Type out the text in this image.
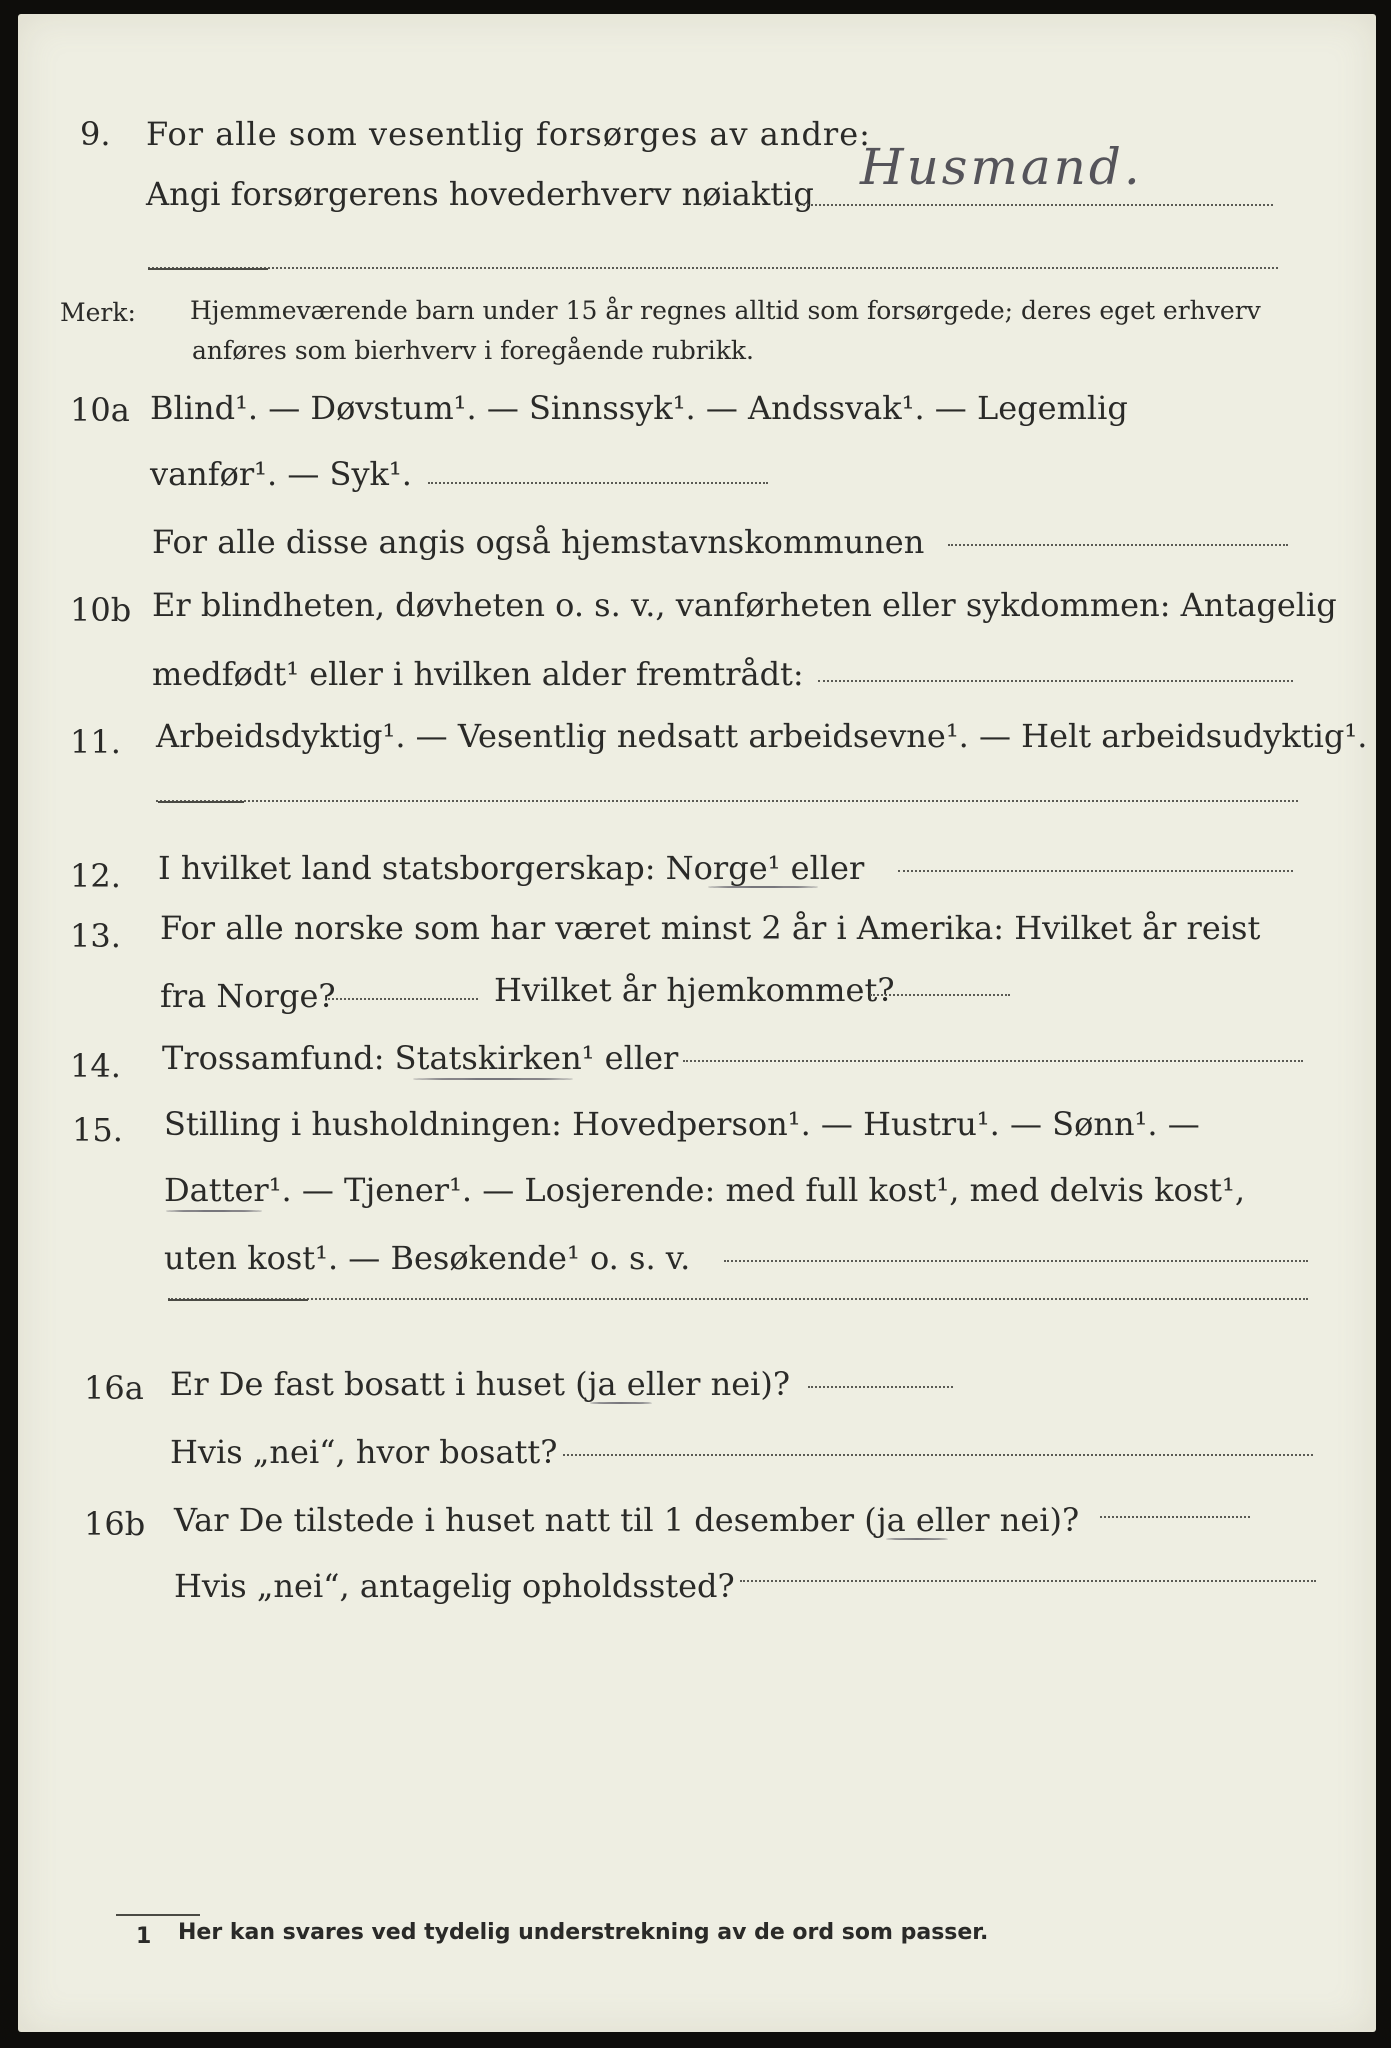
9. For alle som vesentlig forsørges av andre:
Angi forsørgerens hovederhverv nøiaktig Husmand.
Merk: Hjemmeværende barn under 15 år regnes alltid som forsørgede; deres eget erhverv
anføres som bierhverv i foregående rubrikk.
10a Blind¹. — Døvstum¹. — Sinnssyk¹. — Andssvak¹. — Legemlig
vanfør¹. — Syk¹.
For alle disse angis også hjemstavnskommunen
10b Er blindheten, døvheten o. s. v., vanførheten eller sykdommen: Antagelig
medfødt¹ eller i hvilken alder fremtrådt:
11. Arbeidsdyktig¹. — Vesentlig nedsatt arbeidsevne¹. — Helt arbeidsudyktig¹.
12. I hvilket land statsborgerskap: Norge¹ eller
13. For alle norske som har været minst 2 år i Amerika: Hvilket år reist
fra Norge?	Hvilket år hjemkommet?
14. Trossamfund: Statskirken¹ eller
15. Stilling i husholdningen: Hovedperson¹. — Hustru¹. — Sønn¹. —
Datter¹. — Tjener¹. — Losjerende: med full kost¹, med delvis kost¹,
uten kost¹. — Besøkende¹ o. s. v.
16a Er De fast bosatt i huset (ja eller nei)?
Hvis „nei“, hvor bosatt?
16b Var De tilstede i huset natt til 1 desember (ja eller nei)?
Hvis „nei“, antagelig opholdssted?
1 Her kan svares ved tydelig understrekning av de ord som passer.
